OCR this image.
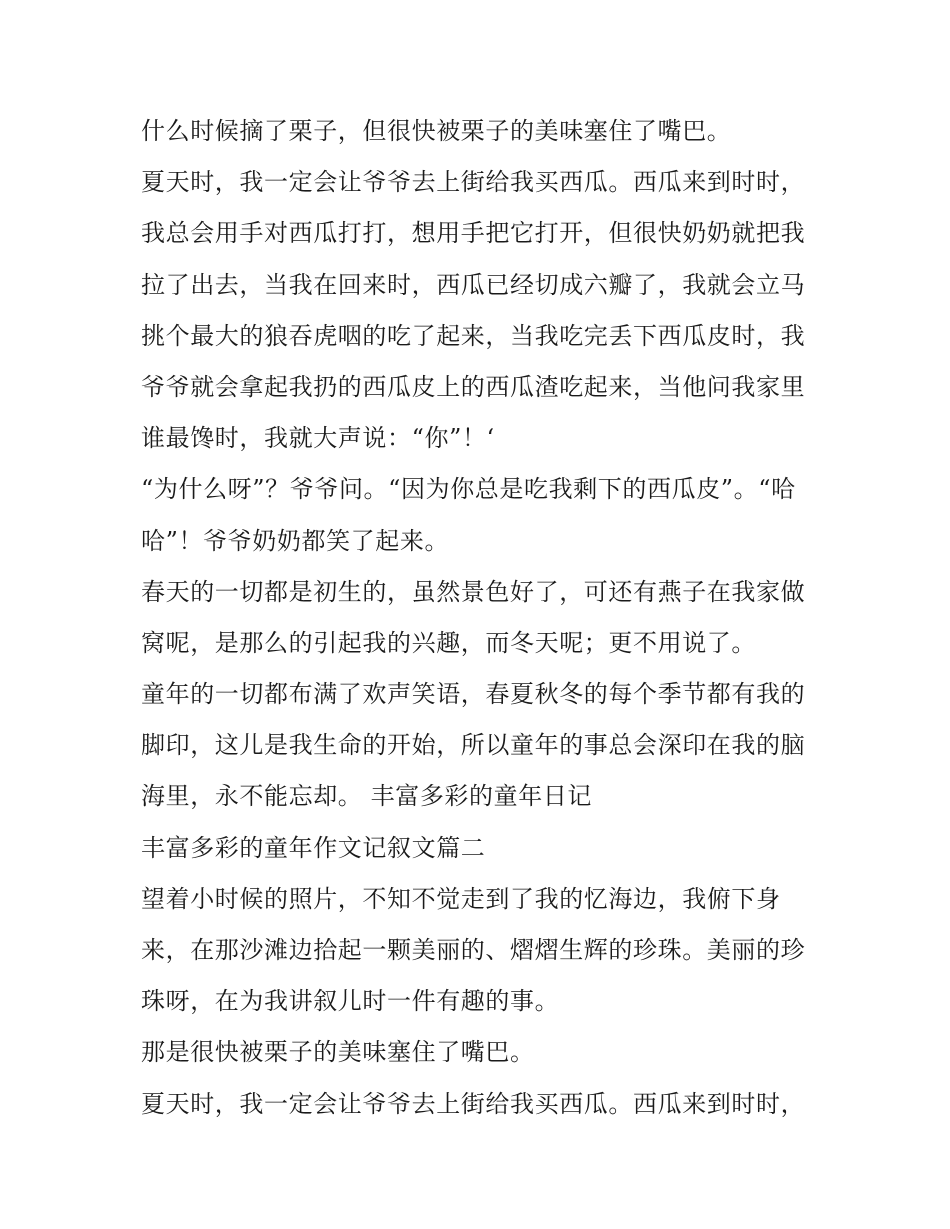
什么时候摘了栗子，但很快被栗子的美味塞住了嘴巴。
夏天时，我一定会让爷爷去上街给我买西瓜。西瓜来到时时，
我总会用手对西瓜打打，想用手把它打开，但很快奶奶就把我
拉了出去，当我在回来时，西瓜已经切成六瓣了，我就会立马
挑个最大的狼吞虎咽的吃了起来，当我吃完丢下西瓜皮时，我
爷爷就会拿起我扔的西瓜皮上的西瓜渣吃起来，当他问我家里
谁最馋时，我就大声说：“你”！‘
“为什么呀”？爷爷问。“因为你总是吃我剩下的西瓜皮”。“哈
哈”！爷爷奶奶都笑了起来。
春天的一切都是初生的，虽然景色好了，可还有燕子在我家做
窝呢，是那么的引起我的兴趣，而冬天呢；更不用说了。
童年的一切都布满了欢声笑语，春夏秋冬的每个季节都有我的
脚印，这儿是我生命的开始，所以童年的事总会深印在我的脑
海里，永不能忘却。 丰富多彩的童年日记
丰富多彩的童年作文记叙文篇二
望着小时候的照片，不知不觉走到了我的忆海边，我俯下身
来，在那沙滩边拾起一颗美丽的、熠熠生辉的珍珠。美丽的珍
珠呀，在为我讲叙儿时一件有趣的事。
那是很快被栗子的美味塞住了嘴巴。
夏天时，我一定会让爷爷去上街给我买西瓜。西瓜来到时时，
